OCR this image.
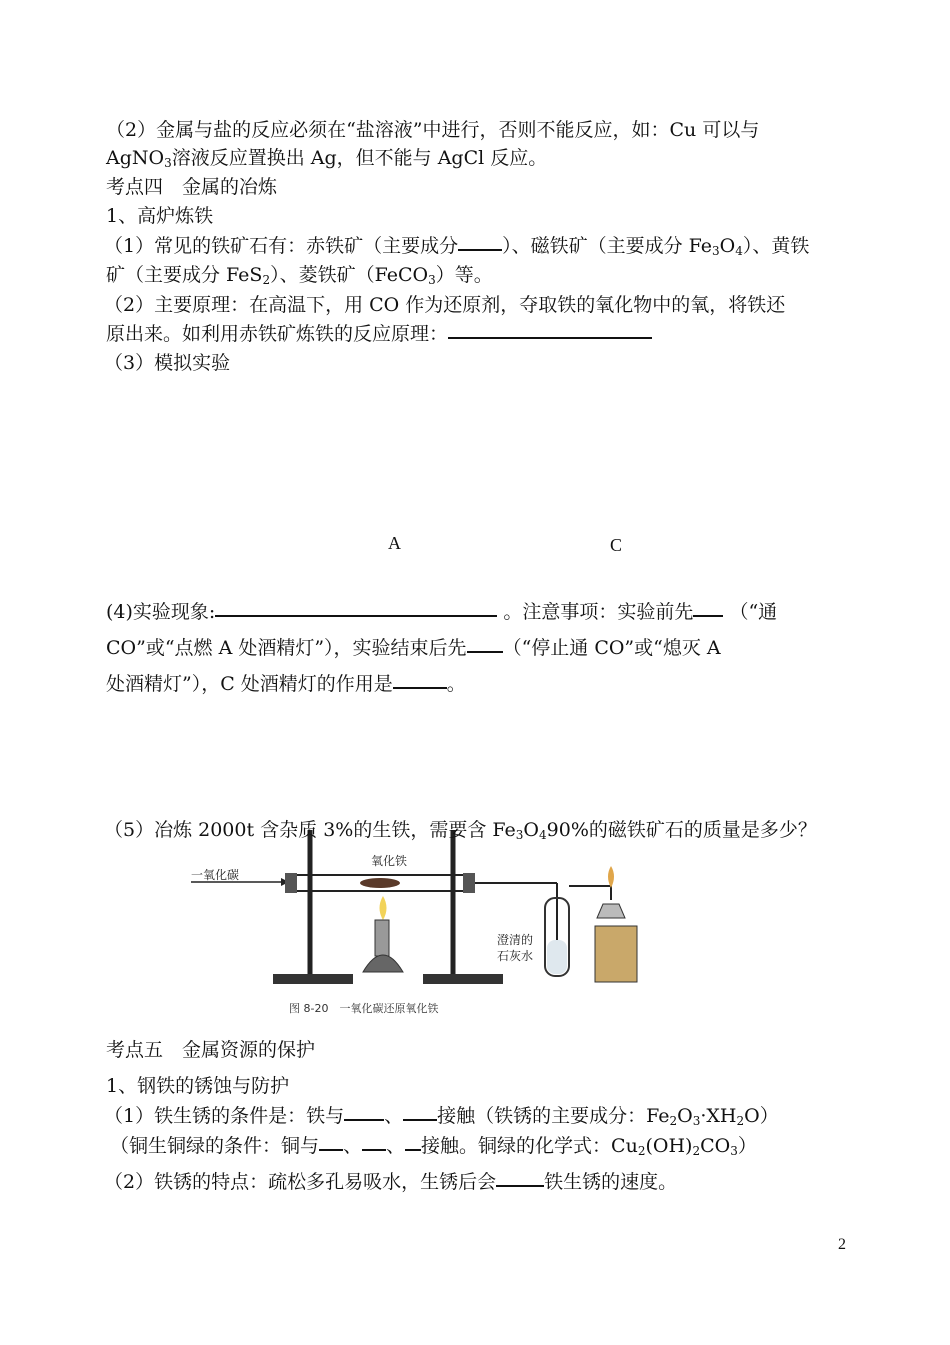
（2）金属与盐的反应必须在“盐溶液”中进行，否则不能反应，如：Cu 可以与
AgNO$_3$溶液反应置换出 Ag，但不能与 AgCl 反应。
考点四　金属的冶炼
1、高炉炼铁
（1）常见的铁矿石有：赤铁矿（主要成分 ）、磁铁矿（主要成分 $Fe_3O_4$）、黄铁
矿（主要成分 FeS$_2$）、菱铁矿（FeCO$_3$）等。
（2）主要原理：在高温下，用 CO 作为还原剂，夺取铁的氧化物中的氧，将铁还
原出来。如利用赤铁矿炼铁的反应原理：
（3）模拟实验
A	C
(4)实验现象:	。注意事项：实验前先 （“通
CO”或“点燃 A 处酒精灯”），实验结束后先 （“停止通 CO”或“熄灭 A
处酒精灯”），C 处酒精灯的作用是	。
一氧化碳
氧化铁
澄清的
石灰水
图 8-20　一氧化碳还原氧化铁
（5）冶炼 2000t 含杂质 3%的生铁，需要含 $Fe_3O_490\%$的磁铁矿石的质量是多少？
考点五　金属资源的保护
1、钢铁的锈蚀与防护
（1）铁生锈的条件是：铁与 、 接触（铁锈的主要成分：$Fe_2O_3\cdot XH_2O$）
（铜生铜绿的条件：铜与 、 、 接触。铜绿的化学式：$Cu_2(OH)_2CO_3$）
（2）铁锈的特点：疏松多孔易吸水，生锈后会	铁生锈的速度。
2
